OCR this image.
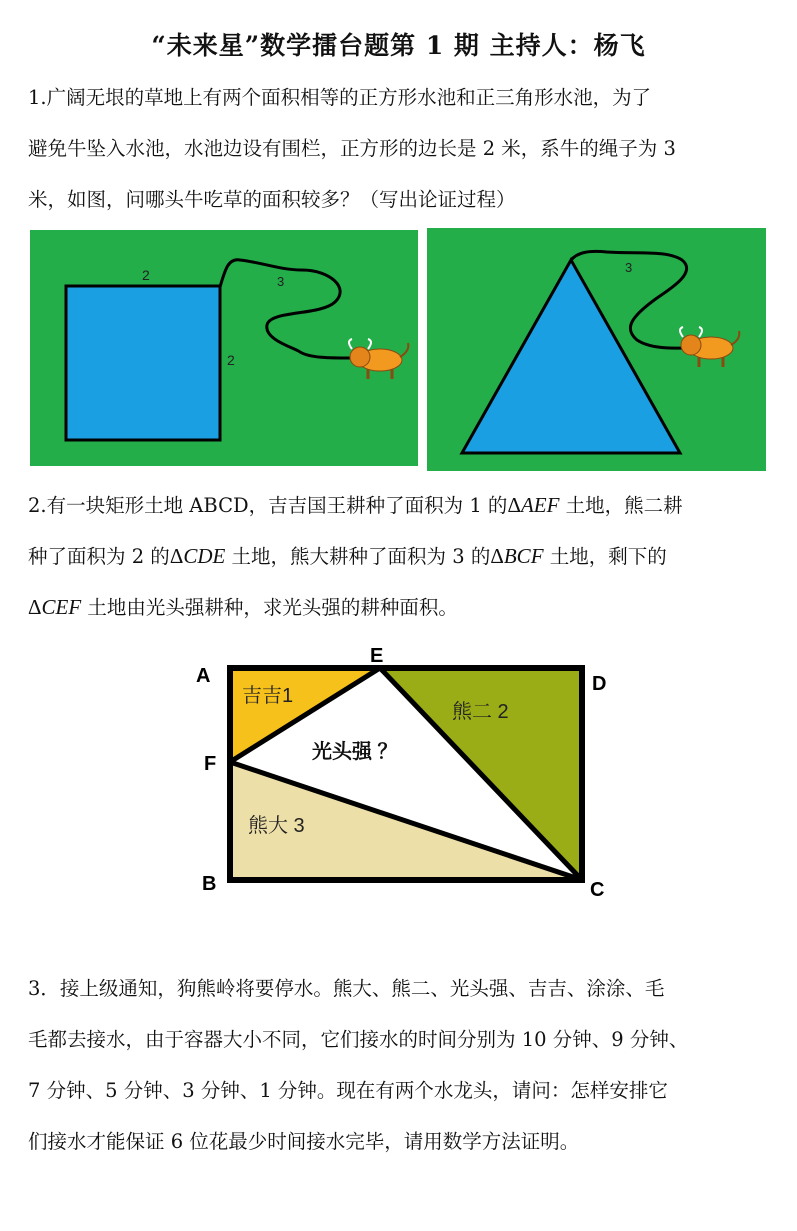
“未来星”数学擂台题第 1 期 主持人：杨飞
1.广阔无垠的草地上有两个面积相等的正方形水池和正三角形水池，为了
避免牛坠入水池，水池边设有围栏，正方形的边长是 2 米，系牛的绳子为 3
米，如图，问哪头牛吃草的面积较多？（写出论证过程）
2
2
3
3
2.有一块矩形土地 ABCD，吉吉国王耕种了面积为 1 的ΔAEF 土地，熊二耕
种了面积为 2 的ΔCDE 土地，熊大耕种了面积为 3 的ΔBCF 土地，剩下的
ΔCEF 土地由光头强耕种，求光头强的耕种面积。
A
E
D
F
B	C
吉吉1
熊二 2
光头强 ？
熊大 3
3．接上级通知，狗熊岭将要停水。熊大、熊二、光头强、吉吉、涂涂、毛
毛都去接水，由于容器大小不同，它们接水的时间分别为 10 分钟、9 分钟、
7 分钟、5 分钟、3 分钟、1 分钟。现在有两个水龙头，请问：怎样安排它
们接水才能保证 6 位花最少时间接水完毕，请用数学方法证明。
